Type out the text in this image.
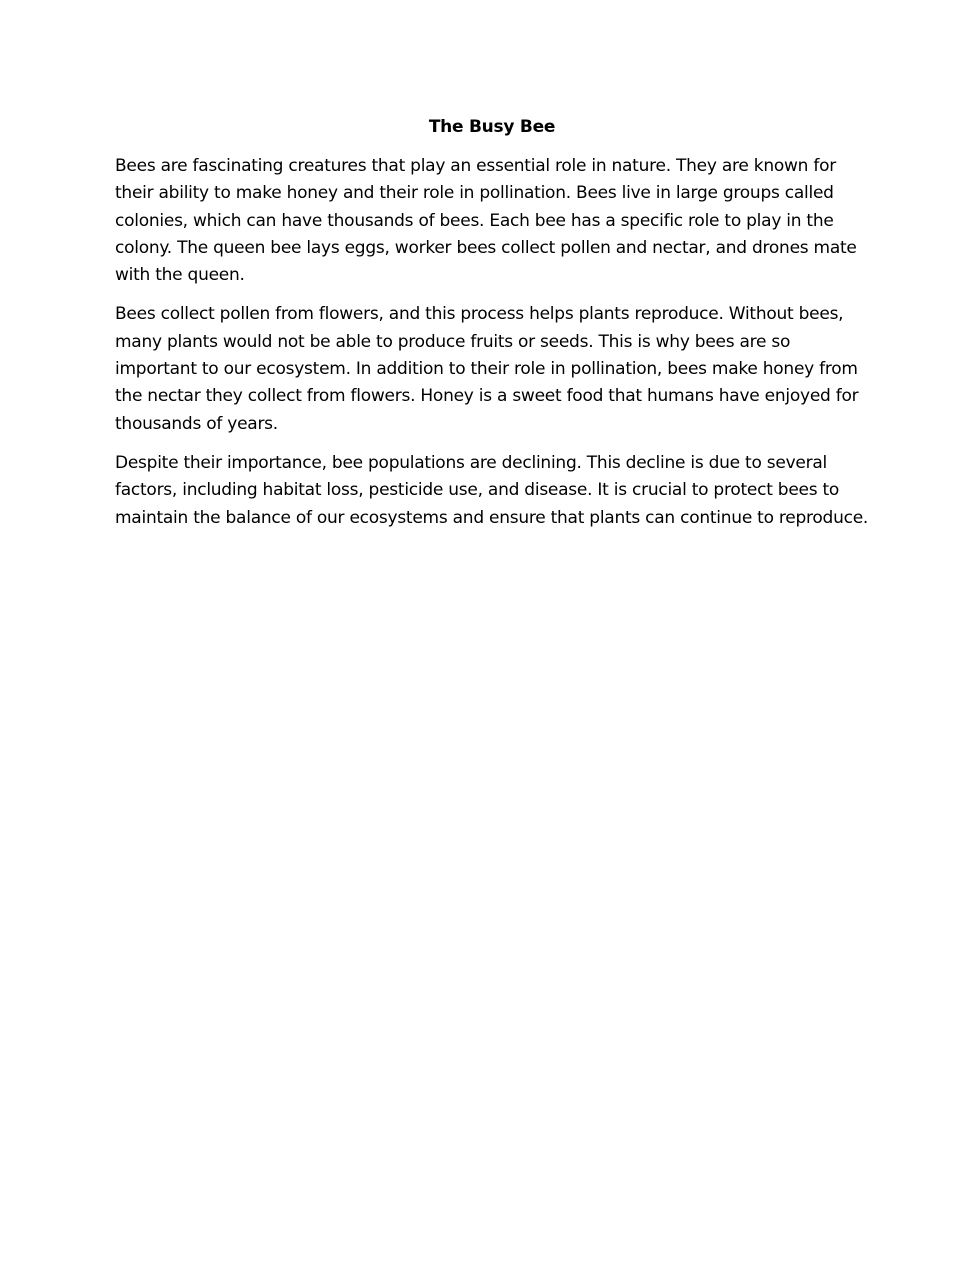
The Busy Bee

Bees are fascinating creatures that play an essential role in nature. They are known for their ability to make honey and their role in pollination. Bees live in large groups called colonies, which can have thousands of bees. Each bee has a specific role to play in the colony. The queen bee lays eggs, worker bees collect pollen and nectar, and drones mate with the queen.

Bees collect pollen from flowers, and this process helps plants reproduce. Without bees, many plants would not be able to produce fruits or seeds. This is why bees are so important to our ecosystem. In addition to their role in pollination, bees make honey from the nectar they collect from flowers. Honey is a sweet food that humans have enjoyed for thousands of years.

Despite their importance, bee populations are declining. This decline is due to several factors, including habitat loss, pesticide use, and disease. It is crucial to protect bees to maintain the balance of our ecosystems and ensure that plants can continue to reproduce.
